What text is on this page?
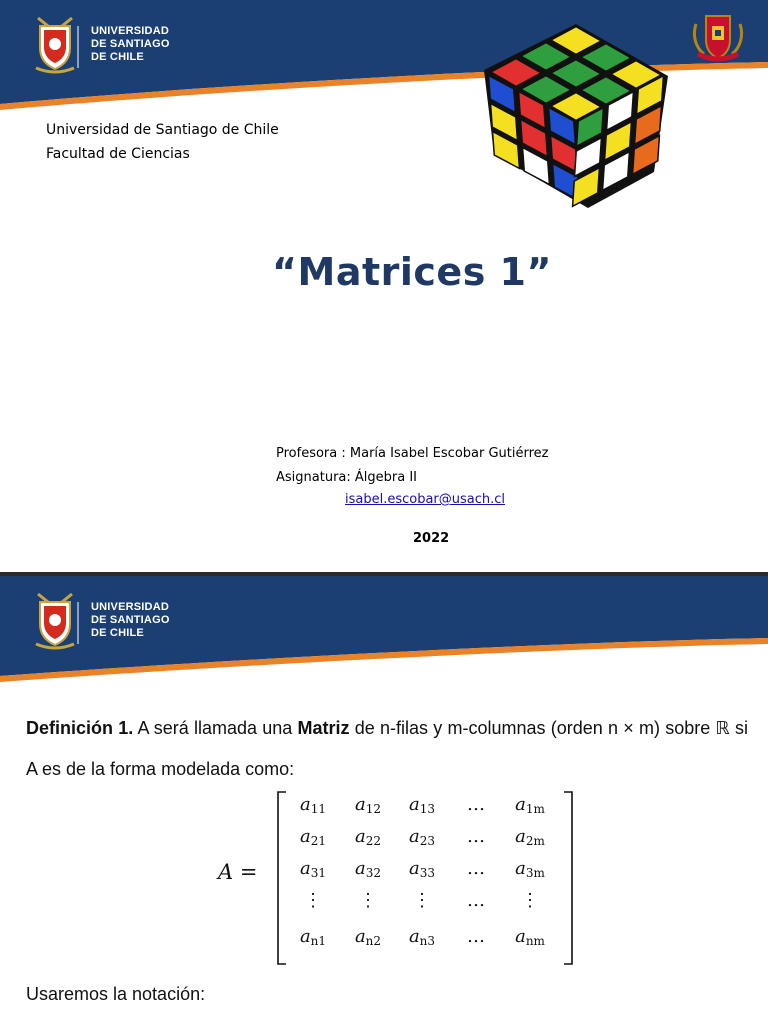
UNIVERSIDAD
DE SANTIAGO
DE CHILE
Universidad de Santiago de Chile
Facultad de Ciencias
“Matrices 1”
Profesora : María Isabel Escobar Gutiérrez
Asignatura: Álgebra II
isabel.escobar@usach.cl
2022
UNIVERSIDAD
DE SANTIAGO
DE CHILE
Definición 1. A será llamada una Matriz de n-filas y m-columnas (orden n × m) sobre ℝ si A es de la forma modelada como:
A =
$a_{11}$ $a_{12}$ $a_{13}$ … $a_{1m}$
$a_{21}$ $a_{22}$ $a_{23}$ … $a_{2m}$
$a_{31}$ $a_{32}$ $a_{33}$ … $a_{3m}$
⋮ ⋮ ⋮ … ⋮
$a_{n1}$ $a_{n2}$ $a_{n3}$ … $a_{nm}$
Usaremos la notación:
